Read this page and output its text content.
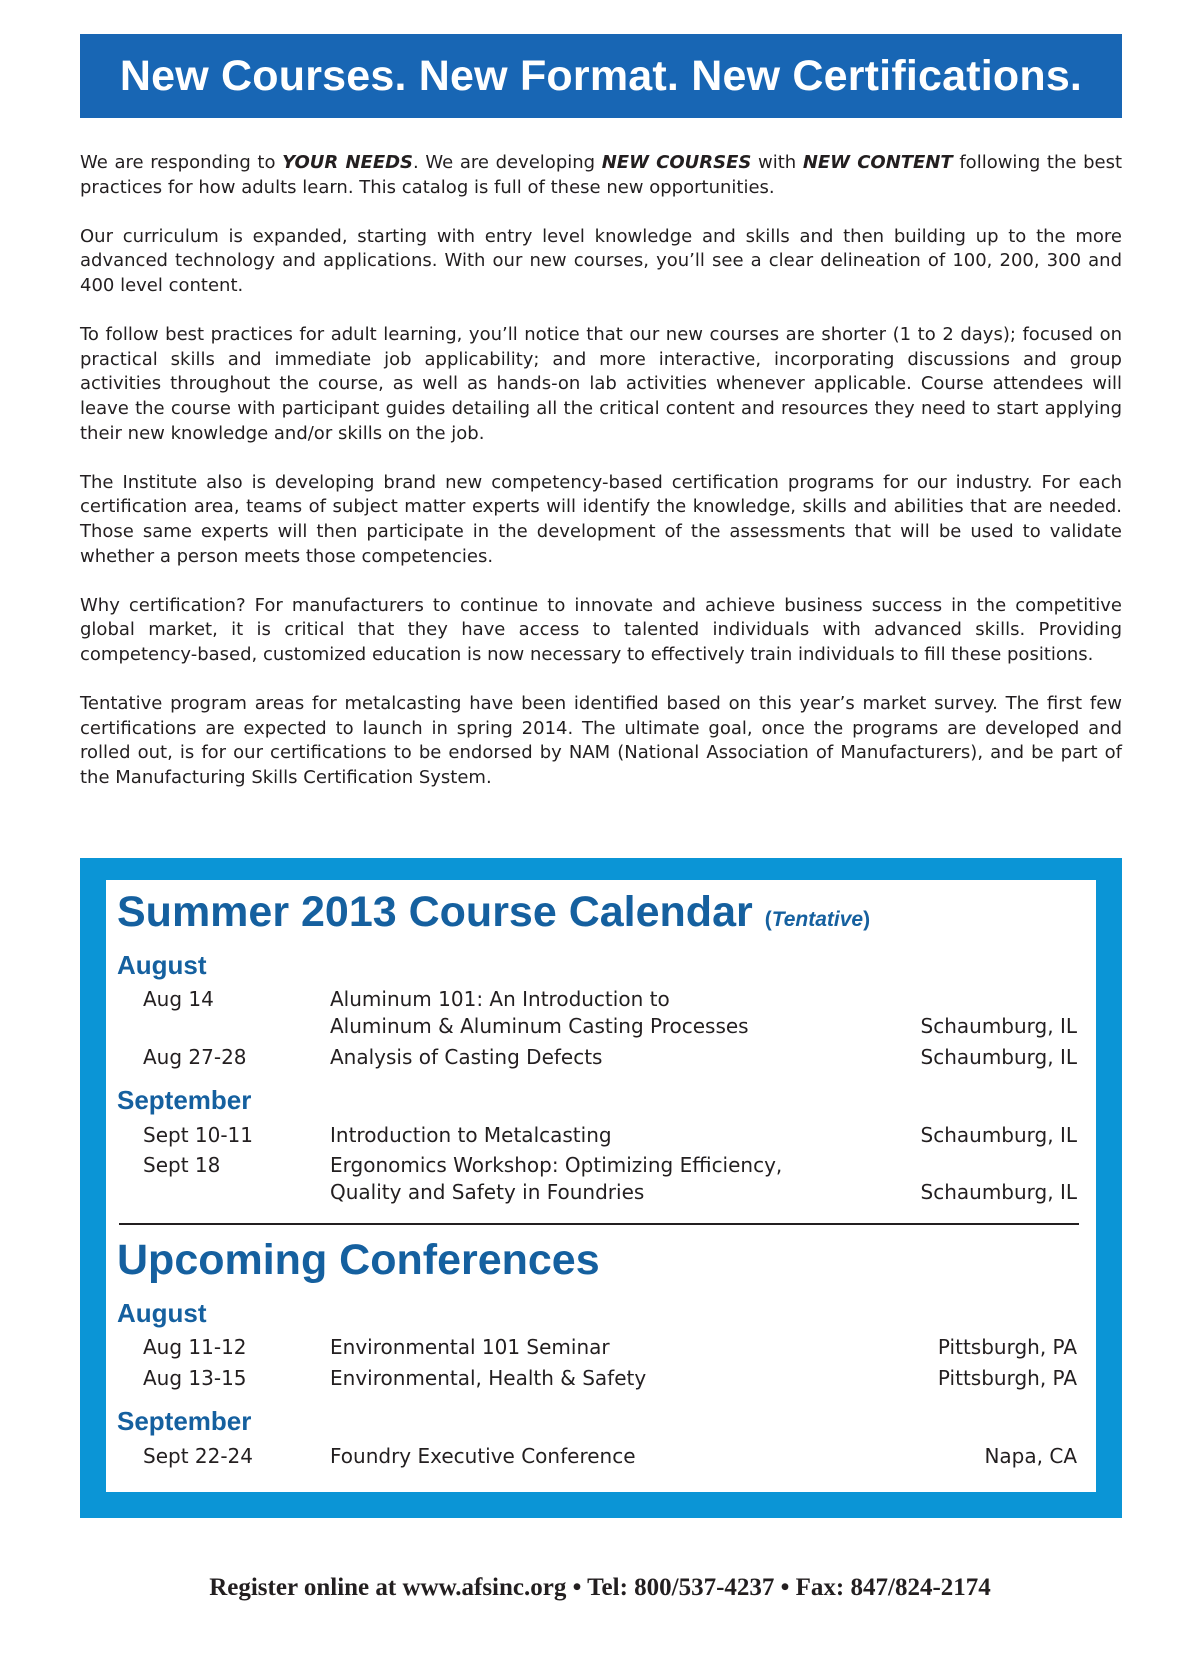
New Courses. New Format. New Certifications.

We are responding to YOUR NEEDS. We are developing NEW COURSES with NEW CONTENT following the best practices for how adults learn. This catalog is full of these new opportunities.

Our curriculum is expanded, starting with entry level knowledge and skills and then building up to the more advanced technology and applications. With our new courses, you’ll see a clear delineation of 100, 200, 300 and 400 level content.

To follow best practices for adult learning, you’ll notice that our new courses are shorter (1 to 2 days); focused on practical skills and immediate job applicability; and more interactive, incorporating discussions and group activities throughout the course, as well as hands-on lab activities whenever applicable. Course attendees will leave the course with participant guides detailing all the critical content and resources they need to start applying their new knowledge and/or skills on the job.

The Institute also is developing brand new competency-based certification programs for our industry. For each certification area, teams of subject matter experts will identify the knowledge, skills and abilities that are needed. Those same experts will then participate in the development of the assessments that will be used to validate whether a person meets those competencies.

Why certification? For manufacturers to continue to innovate and achieve business success in the competitive global market, it is critical that they have access to talented individuals with advanced skills. Providing competency-based, customized education is now necessary to effectively train individuals to fill these positions.

Tentative program areas for metalcasting have been identified based on this year’s market survey. The first few certifications are expected to launch in spring 2014. The ultimate goal, once the programs are developed and rolled out, is for our certifications to be endorsed by NAM (National Association of Manufacturers), and be part of the Manufacturing Skills Certification System.

Summer 2013 Course Calendar (Tentative)
August
Aug 14	Aluminum 101: An Introduction to
Aluminum & Aluminum Casting Processes	Schaumburg, IL
Aug 27-28	Analysis of Casting Defects	Schaumburg, IL
September
Sept 10-11	Introduction to Metalcasting	Schaumburg, IL
Sept 18	Ergonomics Workshop: Optimizing Efficiency,
Quality and Safety in Foundries	Schaumburg, IL
Upcoming Conferences
August
Aug 11-12	Environmental 101 Seminar	Pittsburgh, PA
Aug 13-15	Environmental, Health & Safety	Pittsburgh, PA
September
Sept 22-24	Foundry Executive Conference	Napa, CA
Register online at www.afsinc.org • Tel: 800/537-4237 • Fax: 847/824-2174
